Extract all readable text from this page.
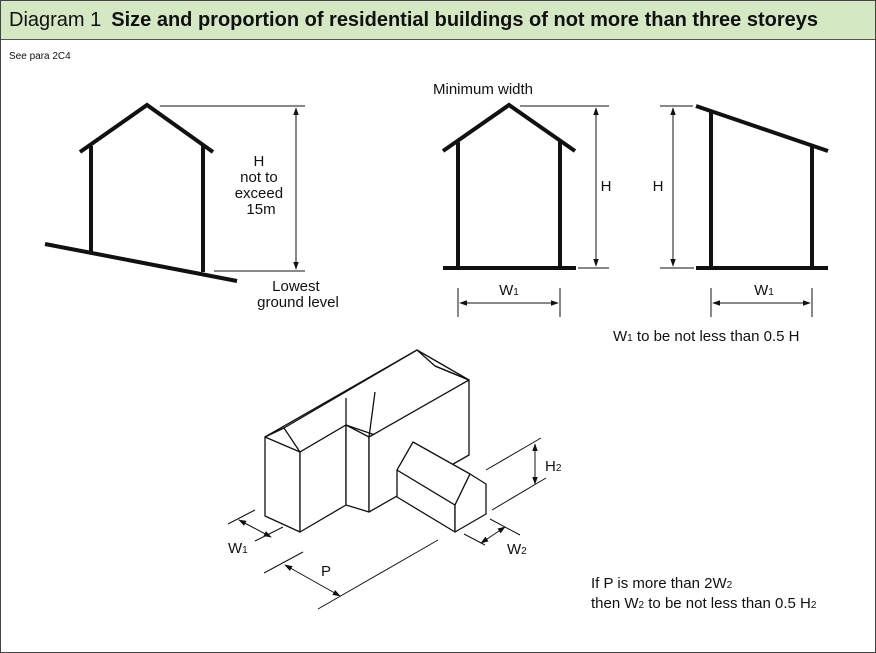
Diagram 1 Size and proportion of residential buildings of not more than three storeys
See para 2C4
H not to exceed 15m
Lowest ground level
Minimum width
H
W1
H
W1
W1 to be not less than 0.5 H
H2
W2
W1
P
If P is more than 2W2
then W2 to be not less than 0.5 H2
